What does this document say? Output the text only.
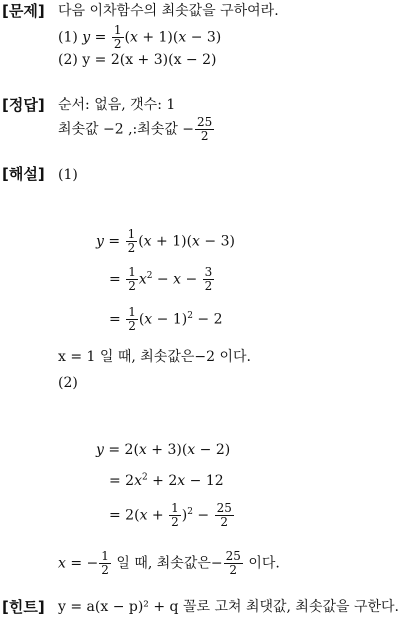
[문제] 다음 이차함수의 최솟값을 구하여라.
(1) $y = \frac{1}{2} (x + 1)(x - 3)$
(2) y = 2(x + 3)(x − 2)
[정답] 순서: 없음, 갯수: 1
최솟값 −2 ,:최솟값 − $\frac{25}{2}$
[해설] (1)
$y = \frac{1}{2} (x + 1)(x - 3)$
= $\frac{1}{2} x^2 - x - \frac{3}{2}$
= $\frac{1}{2} (x - 1)^2 - 2$
x = 1 일 때, 최솟값은−2 이다.
(2)
y = 2(x + 3)(x − 2)
= $2x^2 + 2x - 12$
= $2(x + \frac{1}{2} )^2 - \frac{25}{2}$
x = − $\frac{1}{2}$ 일 때, 최솟값은− $\frac{25}{2}$ 이다.
[힌트] y = a(x − p)² + q 꼴로 고쳐 최댓값, 최솟값을 구한다.
